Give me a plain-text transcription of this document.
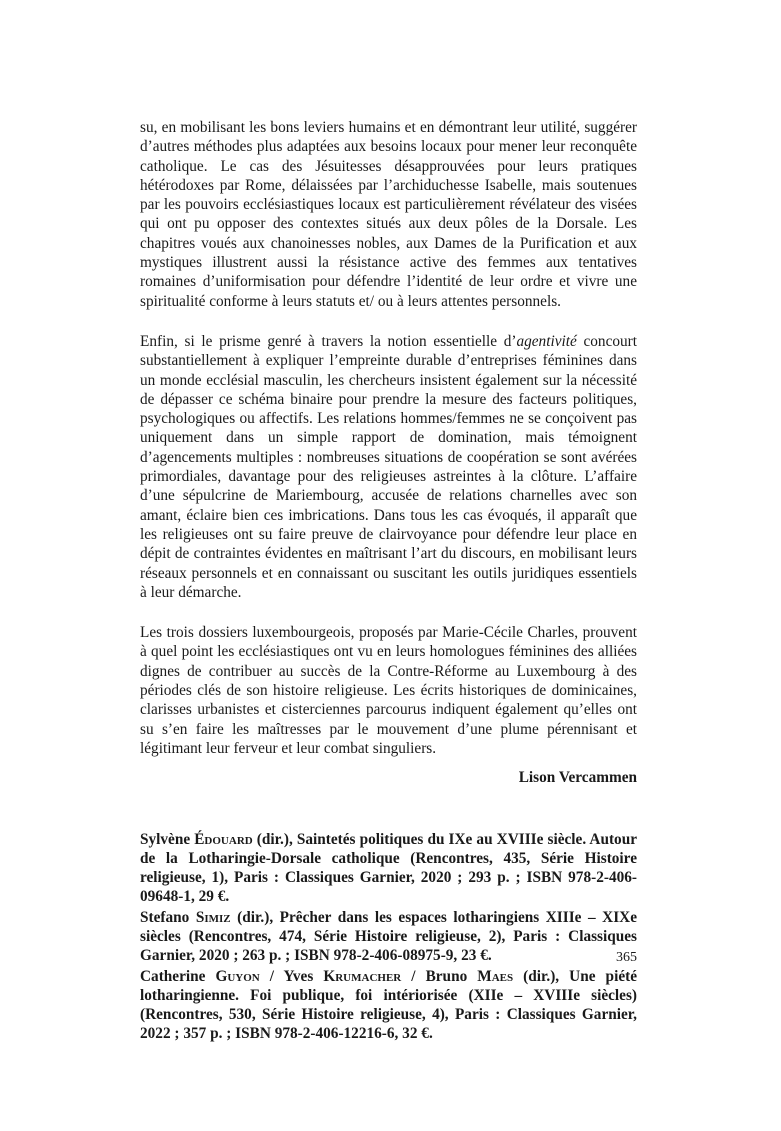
su, en mobilisant les bons leviers humains et en démontrant leur utilité, suggérer d’autres méthodes plus adaptées aux besoins locaux pour mener leur reconquête catholique. Le cas des Jésuitesses désapprouvées pour leurs pratiques hétérodoxes par Rome, délaissées par l’archiduchesse Isabelle, mais soutenues par les pouvoirs ecclésiastiques locaux est particulièrement révélateur des visées qui ont pu opposer des contextes situés aux deux pôles de la Dorsale. Les chapitres voués aux chanoinesses nobles, aux Dames de la Purification et aux mystiques illustrent aussi la résistance active des femmes aux tentatives romaines d’uniformisation pour défendre l’identité de leur ordre et vivre une spiritualité conforme à leurs statuts et/ ou à leurs attentes personnels.

Enfin, si le prisme genré à travers la notion essentielle d’agentivité concourt substantiellement à expliquer l’empreinte durable d’entreprises féminines dans un monde ecclésial masculin, les chercheurs insistent également sur la nécessité de dépasser ce schéma binaire pour prendre la mesure des facteurs politiques, psychologiques ou affectifs. Les relations hommes/femmes ne se conçoivent pas uniquement dans un simple rapport de domination, mais témoignent d’agencements multiples : nombreuses situations de coopération se sont avérées primordiales, davantage pour des religieuses astreintes à la clôture. L’affaire d’une sépulcrine de Mariembourg, accusée de relations charnelles avec son amant, éclaire bien ces imbrications. Dans tous les cas évoqués, il apparaît que les religieuses ont su faire preuve de clairvoyance pour défendre leur place en dépit de contraintes évidentes en maîtrisant l’art du discours, en mobilisant leurs réseaux personnels et en connaissant ou suscitant les outils juridiques essentiels à leur démarche.

Les trois dossiers luxembourgeois, proposés par Marie-Cécile Charles, prouvent à quel point les ecclésiastiques ont vu en leurs homologues féminines des alliées dignes de contribuer au succès de la Contre-Réforme au Luxembourg à des périodes clés de son histoire religieuse. Les écrits historiques de dominicaines, clarisses urbanistes et cisterciennes parcourus indiquent également qu’elles ont su s’en faire les maîtresses par le mouvement d’une plume pérennisant et légitimant leur ferveur et leur combat singuliers.

Lison Vercammen

Sylvène Édouard (dir.), Saintetés politiques du IXe au XVIIIe siècle. Autour de la Lotharingie-Dorsale catholique (Rencontres, 435, Série Histoire religieuse, 1), Paris : Classiques Garnier, 2020 ; 293 p. ; ISBN 978-2-406-09648-1, 29 €.

Stefano Simiz (dir.), Prêcher dans les espaces lotharingiens XIIIe – XIXe siècles (Rencontres, 474, Série Histoire religieuse, 2), Paris : Classiques Garnier, 2020 ; 263 p. ; ISBN 978-2-406-08975-9, 23 €.

Catherine Guyon / Yves Krumacher / Bruno Maes (dir.), Une piété lotharingienne. Foi publique, foi intériorisée (XIIe – XVIIIe siècles) (Rencontres, 530, Série Histoire religieuse, 4), Paris : Classiques Garnier, 2022 ; 357 p. ; ISBN 978-2-406-12216-6, 32 €.

365
